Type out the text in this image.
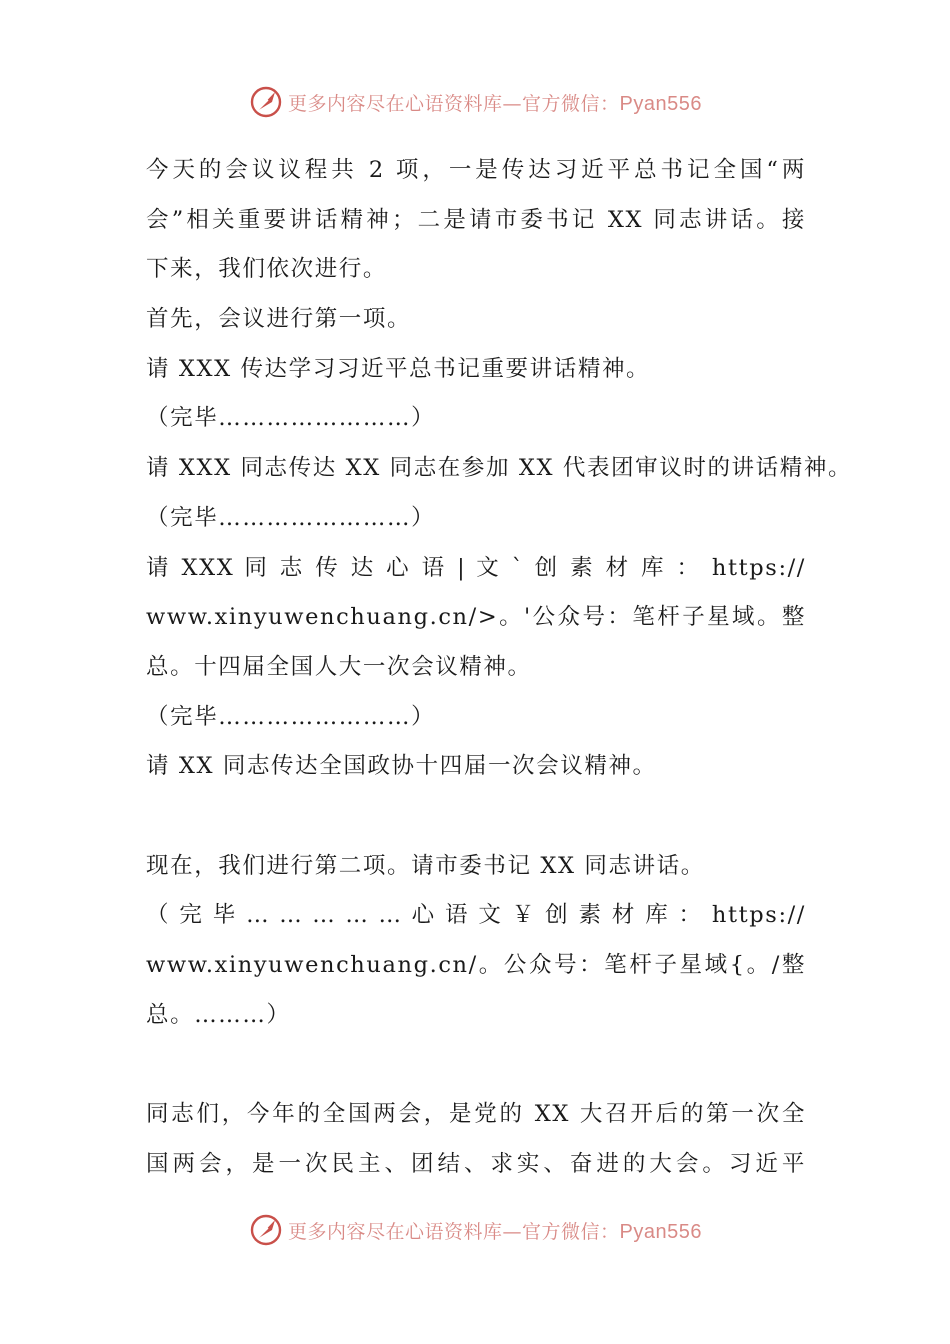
更多内容尽在心语资料库—官方微信：Pyan556
今天的会议议程共 2 项，一是传达习近平总书记全国“两
会”相关重要讲话精神；二是请市委书记 XX 同志讲话。接
下来，我们依次进行。
首先，会议进行第一项。
请 XXX 传达学习习近平总书记重要讲话精神。
（完毕……………………）
请 XXX 同志传达 XX 同志在参加 XX 代表团审议时的讲话精神。
（完毕……………………）
请 XXX 同 志 传 达 心 语 | 文 ` 创 素 材 库 ： https://
www.xinyuwenchuang.cn/>。'公众号：笔杆子星域。整
总。十四届全国人大一次会议精神。
（完毕……………………）
请 XX 同志传达全国政协十四届一次会议精神。
现在，我们进行第二项。请市委书记 XX 同志讲话。
（ 完 毕 … … … … … 心 语 文 ￥ 创 素 材 库 ： https://
www.xinyuwenchuang.cn/。公众号：笔杆子星域{。/整
总。………）
同志们，今年的全国两会，是党的 XX 大召开后的第一次全
国两会，是一次民主、团结、求实、奋进的大会。习近平
更多内容尽在心语资料库—官方微信：Pyan556
